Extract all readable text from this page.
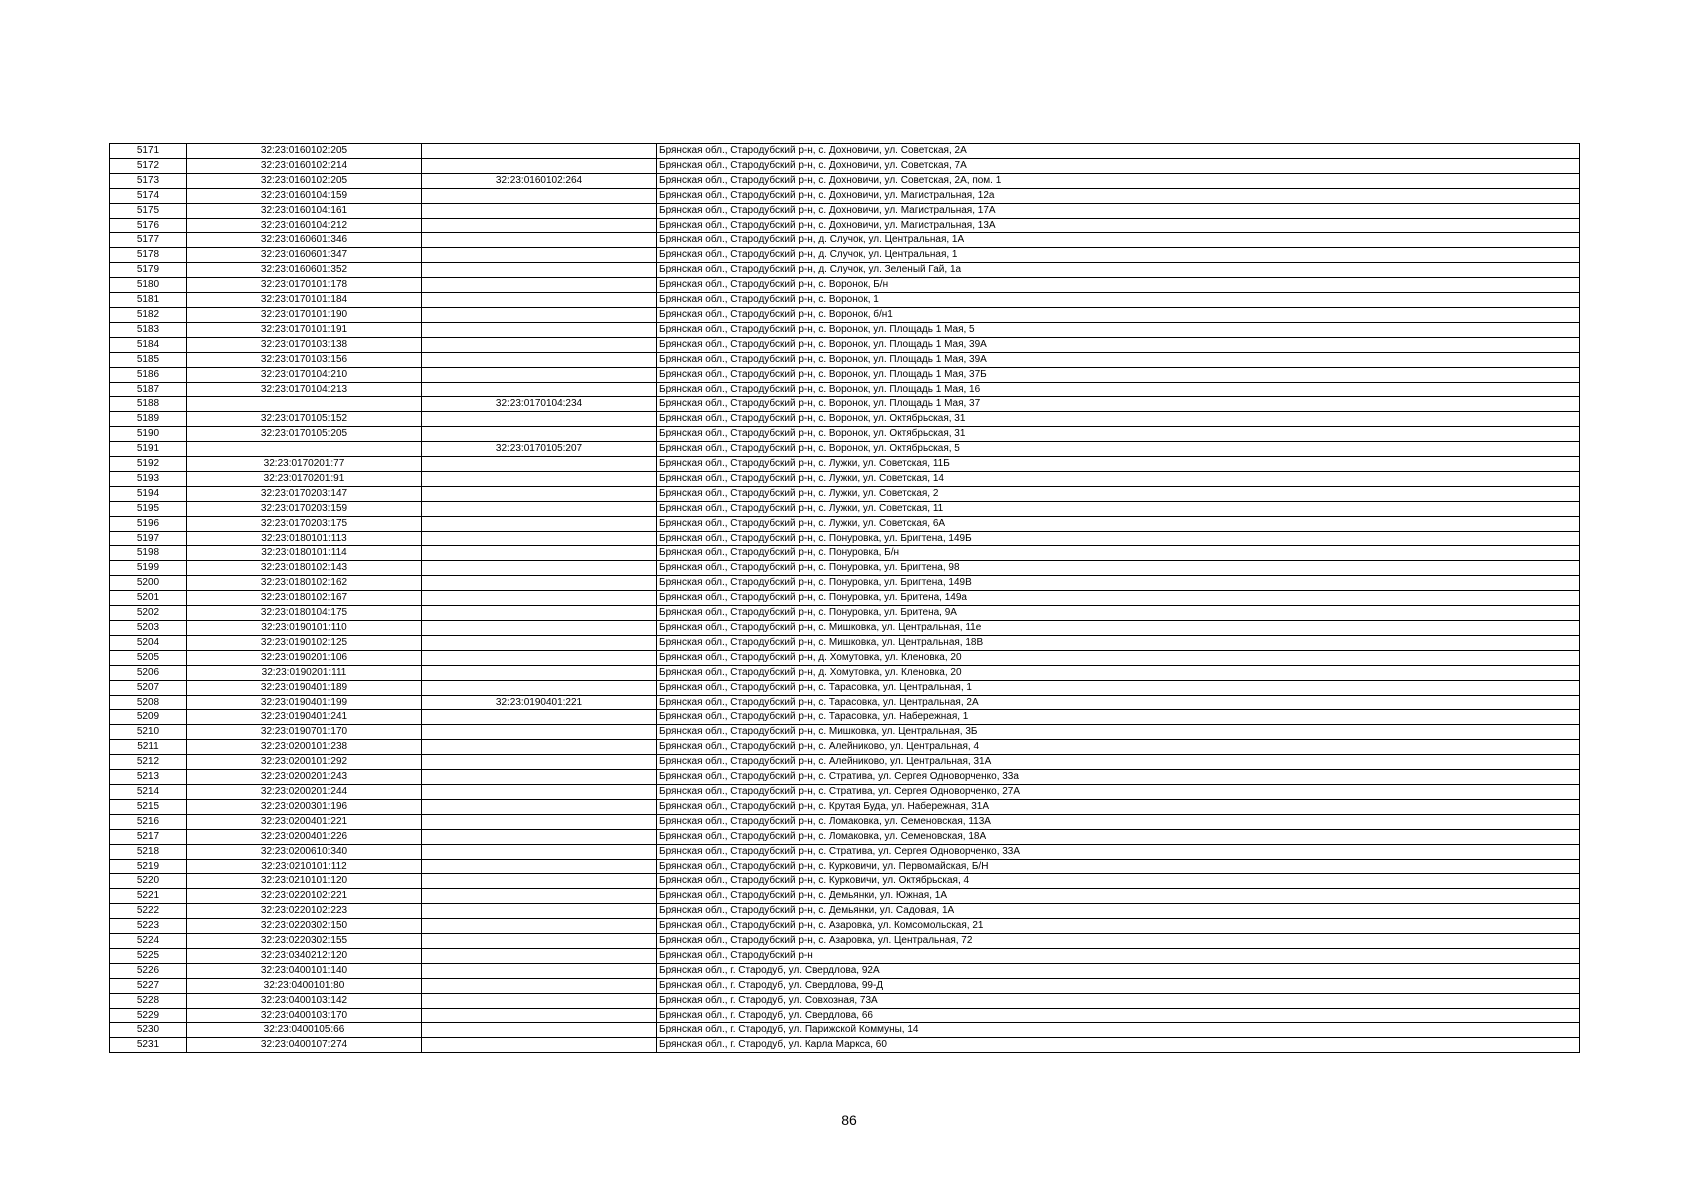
5171	32:23:0160102:205		Брянская обл., Стародубский р-н, с. Дохновичи, ул. Советская, 2А
5172	32:23:0160102:214		Брянская обл., Стародубский р-н, с. Дохновичи, ул. Советская, 7А
5173	32:23:0160102:205	32:23:0160102:264	Брянская обл., Стародубский р-н, с. Дохновичи, ул. Советская, 2А, пом. 1
5174	32:23:0160104:159		Брянская обл., Стародубский р-н, с. Дохновичи, ул. Магистральная, 12а
5175	32:23:0160104:161		Брянская обл., Стародубский р-н, с. Дохновичи, ул. Магистральная, 17А
5176	32:23:0160104:212		Брянская обл., Стародубский р-н, с. Дохновичи, ул. Магистральная, 13А
5177	32:23:0160601:346		Брянская обл., Стародубский р-н, д. Случок, ул. Центральная, 1А
5178	32:23:0160601:347		Брянская обл., Стародубский р-н, д. Случок, ул. Центральная, 1
5179	32:23:0160601:352		Брянская обл., Стародубский р-н, д. Случок, ул. Зеленый Гай, 1а
5180	32:23:0170101:178		Брянская обл., Стародубский р-н, с. Воронок, Б/н
5181	32:23:0170101:184		Брянская обл., Стародубский р-н, с. Воронок, 1
5182	32:23:0170101:190		Брянская обл., Стародубский р-н, с. Воронок, б/н1
5183	32:23:0170101:191		Брянская обл., Стародубский р-н, с. Воронок, ул. Площадь 1 Мая, 5
5184	32:23:0170103:138		Брянская обл., Стародубский р-н, с. Воронок, ул. Площадь 1 Мая, 39А
5185	32:23:0170103:156		Брянская обл., Стародубский р-н, с. Воронок, ул. Площадь 1 Мая, 39А
5186	32:23:0170104:210		Брянская обл., Стародубский р-н, с. Воронок, ул. Площадь 1 Мая, 37Б
5187	32:23:0170104:213		Брянская обл., Стародубский р-н, с. Воронок, ул. Площадь 1 Мая, 16
5188		32:23:0170104:234	Брянская обл., Стародубский р-н, с. Воронок, ул. Площадь 1 Мая, 37
5189	32:23:0170105:152		Брянская обл., Стародубский р-н, с. Воронок, ул. Октябрьская, 31
5190	32:23:0170105:205		Брянская обл., Стародубский р-н, с. Воронок, ул. Октябрьская, 31
5191		32:23:0170105:207	Брянская обл., Стародубский р-н, с. Воронок, ул. Октябрьская, 5
5192	32:23:0170201:77		Брянская обл., Стародубский р-н, с. Лужки, ул. Советская, 11Б
5193	32:23:0170201:91		Брянская обл., Стародубский р-н, с. Лужки, ул. Советская, 14
5194	32:23:0170203:147		Брянская обл., Стародубский р-н, с. Лужки, ул. Советская, 2
5195	32:23:0170203:159		Брянская обл., Стародубский р-н, с. Лужки, ул. Советская, 11
5196	32:23:0170203:175		Брянская обл., Стародубский р-н, с. Лужки, ул. Советская, 6А
5197	32:23:0180101:113		Брянская обл., Стародубский р-н, с. Понуровка, ул. Бригтена, 149Б
5198	32:23:0180101:114		Брянская обл., Стародубский р-н, с. Понуровка, Б/н
5199	32:23:0180102:143		Брянская обл., Стародубский р-н, с. Понуровка, ул. Бригтена, 98
5200	32:23:0180102:162		Брянская обл., Стародубский р-н, с. Понуровка, ул. Бригтена, 149В
5201	32:23:0180102:167		Брянская обл., Стародубский р-н, с. Понуровка, ул. Бритена, 149а
5202	32:23:0180104:175		Брянская обл., Стародубский р-н, с. Понуровка, ул. Бритена, 9А
5203	32:23:0190101:110		Брянская обл., Стародубский р-н, с. Мишковка, ул. Центральная, 11е
5204	32:23:0190102:125		Брянская обл., Стародубский р-н, с. Мишковка, ул. Центральная, 18В
5205	32:23:0190201:106		Брянская обл., Стародубский р-н, д. Хомутовка, ул. Кленовка, 20
5206	32:23:0190201:111		Брянская обл., Стародубский р-н, д. Хомутовка, ул. Кленовка, 20
5207	32:23:0190401:189		Брянская обл., Стародубский р-н, с. Тарасовка, ул. Центральная, 1
5208	32:23:0190401:199	32:23:0190401:221	Брянская обл., Стародубский р-н, с. Тарасовка, ул. Центральная, 2А
5209	32:23:0190401:241		Брянская обл., Стародубский р-н, с. Тарасовка, ул. Набережная, 1
5210	32:23:0190701:170		Брянская обл., Стародубский р-н, с. Мишковка, ул. Центральная, 3Б
5211	32:23:0200101:238		Брянская обл., Стародубский р-н, с. Алейниково, ул. Центральная, 4
5212	32:23:0200101:292		Брянская обл., Стародубский р-н, с. Алейниково, ул. Центральная, 31А
5213	32:23:0200201:243		Брянская обл., Стародубский р-н, с. Стратива, ул. Сергея Одноворченко, 33а
5214	32:23:0200201:244		Брянская обл., Стародубский р-н, с. Стратива, ул. Сергея Одноворченко, 27А
5215	32:23:0200301:196		Брянская обл., Стародубский р-н, с. Крутая Буда, ул. Набережная, 31А
5216	32:23:0200401:221		Брянская обл., Стародубский р-н, с. Ломаковка, ул. Семеновская, 113А
5217	32:23:0200401:226		Брянская обл., Стародубский р-н, с. Ломаковка, ул. Семеновская, 18А
5218	32:23:0200610:340		Брянская обл., Стародубский р-н, с. Стратива, ул. Сергея Одноворченко, 33А
5219	32:23:0210101:112		Брянская обл., Стародубский р-н, с. Курковичи, ул. Первомайская, Б/Н
5220	32:23:0210101:120		Брянская обл., Стародубский р-н, с. Курковичи, ул. Октябрьская, 4
5221	32:23:0220102:221		Брянская обл., Стародубский р-н, с. Демьянки, ул. Южная, 1А
5222	32:23:0220102:223		Брянская обл., Стародубский р-н, с. Демьянки, ул. Садовая, 1А
5223	32:23:0220302:150		Брянская обл., Стародубский р-н, с. Азаровка, ул. Комсомольская, 21
5224	32:23:0220302:155		Брянская обл., Стародубский р-н, с. Азаровка, ул. Центральная, 72
5225	32:23:0340212:120		Брянская обл., Стародубский р-н
5226	32:23:0400101:140		Брянская обл., г. Стародуб, ул. Свердлова, 92А
5227	32:23:0400101:80		Брянская обл., г. Стародуб, ул. Свердлова, 99-Д
5228	32:23:0400103:142		Брянская обл., г. Стародуб, ул. Совхозная, 73А
5229	32:23:0400103:170		Брянская обл., г. Стародуб, ул. Свердлова, 66
5230	32:23:0400105:66		Брянская обл., г. Стародуб, ул. Парижской Коммуны, 14
5231	32:23:0400107:274		Брянская обл., г. Стародуб, ул. Карла Маркса, 60
86
